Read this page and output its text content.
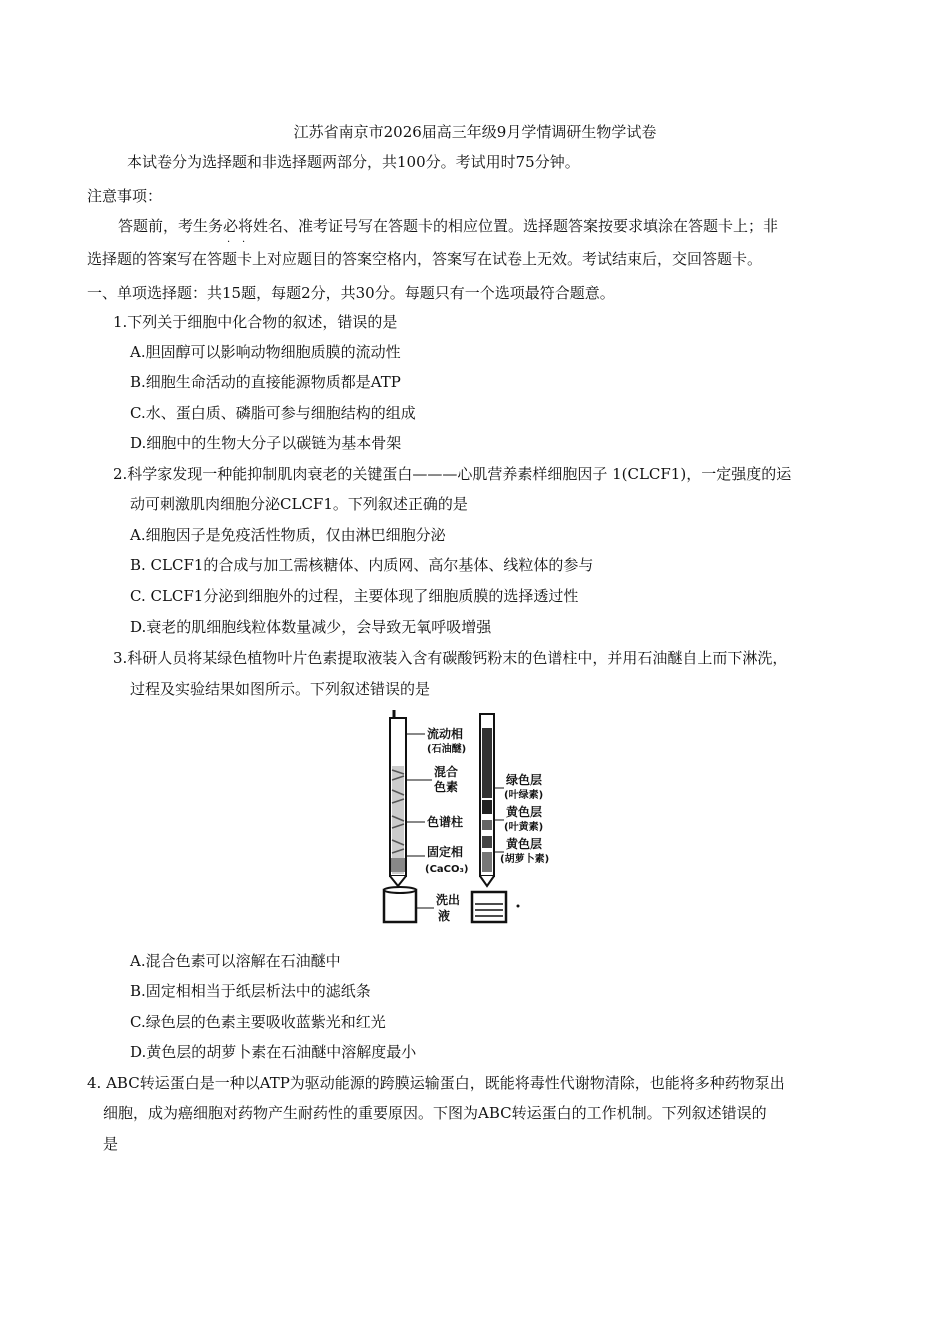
江苏省南京市2026届高三年级9月学情调研生物学试卷
本试卷分为选择题和非选择题两部分，共100分。考试用时75分钟。
注意事项：
答题前，考生务必将姓名、准考证号写在答题卡的相应位置。选择题答案按要求填涂在答题卡上；非
· ·
选择题的答案写在答题卡上对应题目的答案空格内，答案写在试卷上无效。考试结束后，交回答题卡。
一、单项选择题：共15题，每题2分，共30分。每题只有一个选项最符合题意。
1.下列关于细胞中化合物的叙述，错误的是
A.胆固醇可以影响动物细胞质膜的流动性
B.细胞生命活动的直接能源物质都是ATP
C.水、蛋白质、磷脂可参与细胞结构的组成
D.细胞中的生物大分子以碳链为基本骨架
2.科学家发现一种能抑制肌肉衰老的关键蛋白———心肌营养素样细胞因子 1(CLCF1)，一定强度的运
动可刺激肌肉细胞分泌CLCF1。下列叙述正确的是
A.细胞因子是免疫活性物质，仅由淋巴细胞分泌
B. CLCF1的合成与加工需核糖体、内质网、高尔基体、线粒体的参与
C. CLCF1分泌到细胞外的过程，主要体现了细胞质膜的选择透过性
D.衰老的肌细胞线粒体数量减少，会导致无氧呼吸增强
3.科研人员将某绿色植物叶片色素提取液装入含有碳酸钙粉末的色谱柱中，并用石油醚自上而下淋洗，
过程及实验结果如图所示。下列叙述错误的是
流动相
(石油醚)
混合
色素
色谱柱
固定相
(CaCO₃)
洗出
液
绿色层
(叶绿素)
黄色层
(叶黄素)
黄色层
(胡萝卜素)
A.混合色素可以溶解在石油醚中
B.固定相相当于纸层析法中的滤纸条
C.绿色层的色素主要吸收蓝紫光和红光
D.黄色层的胡萝卜素在石油醚中溶解度最小
4. ABC转运蛋白是一种以ATP为驱动能源的跨膜运输蛋白，既能将毒性代谢物清除，也能将多种药物泵出
细胞，成为癌细胞对药物产生耐药性的重要原因。下图为ABC转运蛋白的工作机制。下列叙述错误的
是
